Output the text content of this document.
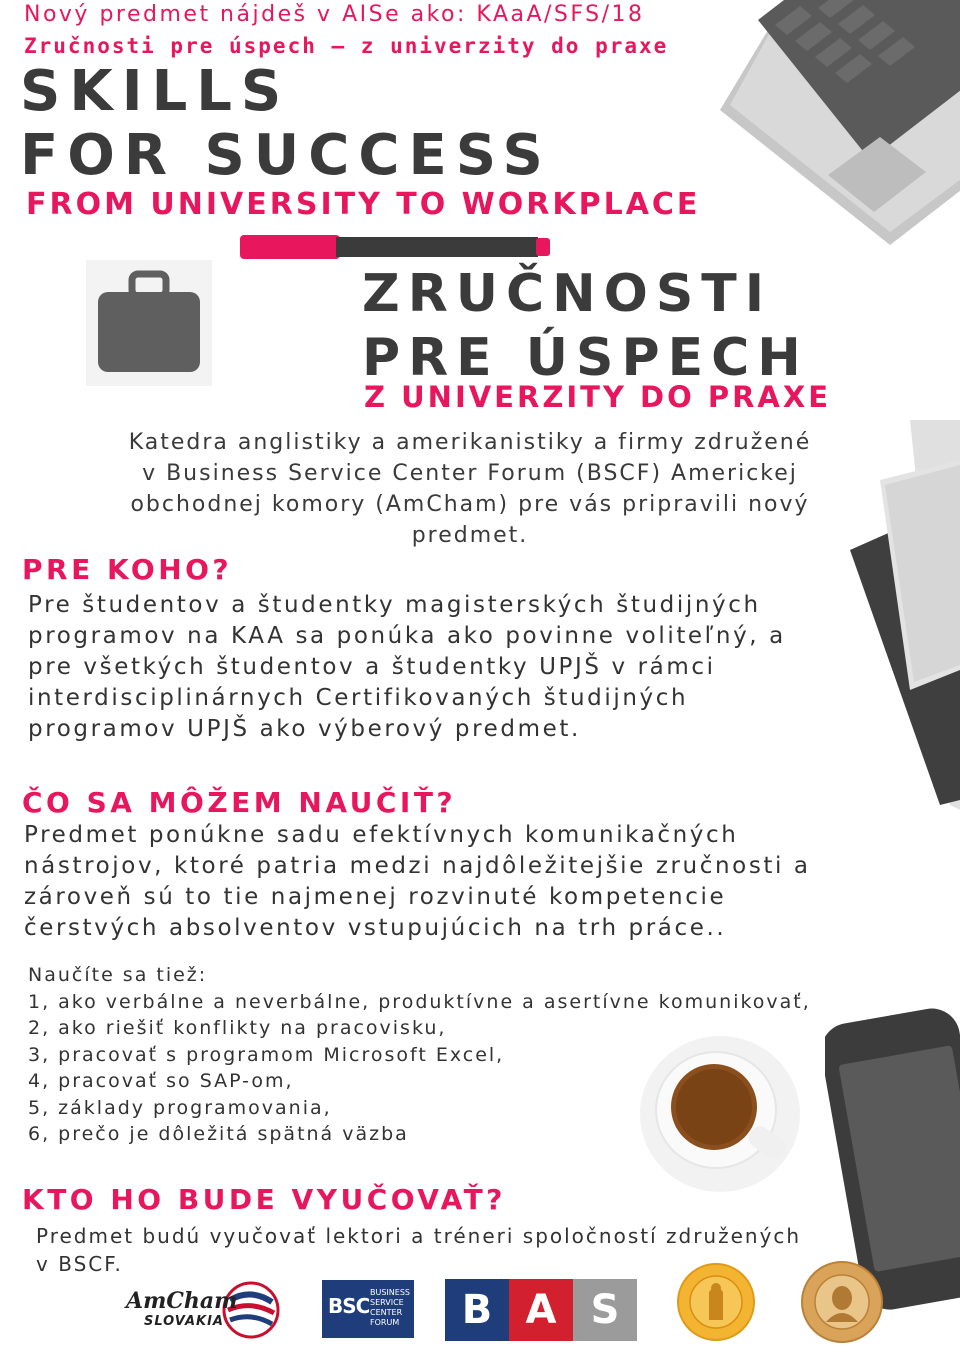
Nový predmet nájdeš v AISe ako: KAaA/SFS/18
Zručnosti pre úspech – z univerzity do praxe
SKILLS
FOR SUCCESS
FROM UNIVERSITY TO WORKPLACE
ZRUČNOSTI
PRE ÚSPECH
Z UNIVERZITY DO PRAXE
Katedra anglistiky a amerikanistiky a firmy združené
v Business Service Center Forum (BSCF) Americkej
obchodnej komory (AmCham) pre vás pripravili nový
predmet.
PRE KOHO?
Pre študentov a študentky magisterských študijných
programov na KAA sa ponúka ako povinne voliteľný, a
pre všetkých študentov a študentky UPJŠ v rámci
interdisciplinárnych Certifikovaných študijných
programov UPJŠ ako výberový predmet.
ČO SA MÔŽEM NAUČIŤ?
Predmet ponúkne sadu efektívnych komunikačných
nástrojov, ktoré patria medzi najdôležitejšie zručnosti a
zároveň sú to tie najmenej rozvinuté kompetencie
čerstvých absolventov vstupujúcich na trh práce..
Naučíte sa tiež:
1, ako verbálne a neverbálne, produktívne a asertívne komunikovať,
2, ako riešiť konflikty na pracovisku,
3, pracovať s programom Microsoft Excel,
4, pracovať so SAP-om,
5, základy programovania,
6, prečo je dôležitá spätná väzba
KTO HO BUDE VYUČOVAŤ?
Predmet budú vyučovať lektori a tréneri spoločností združených
v BSCF.
AmCham
SLOVAKIA
BSC
BUSINESS
SERVICE
CENTER
FORUM	B A S
